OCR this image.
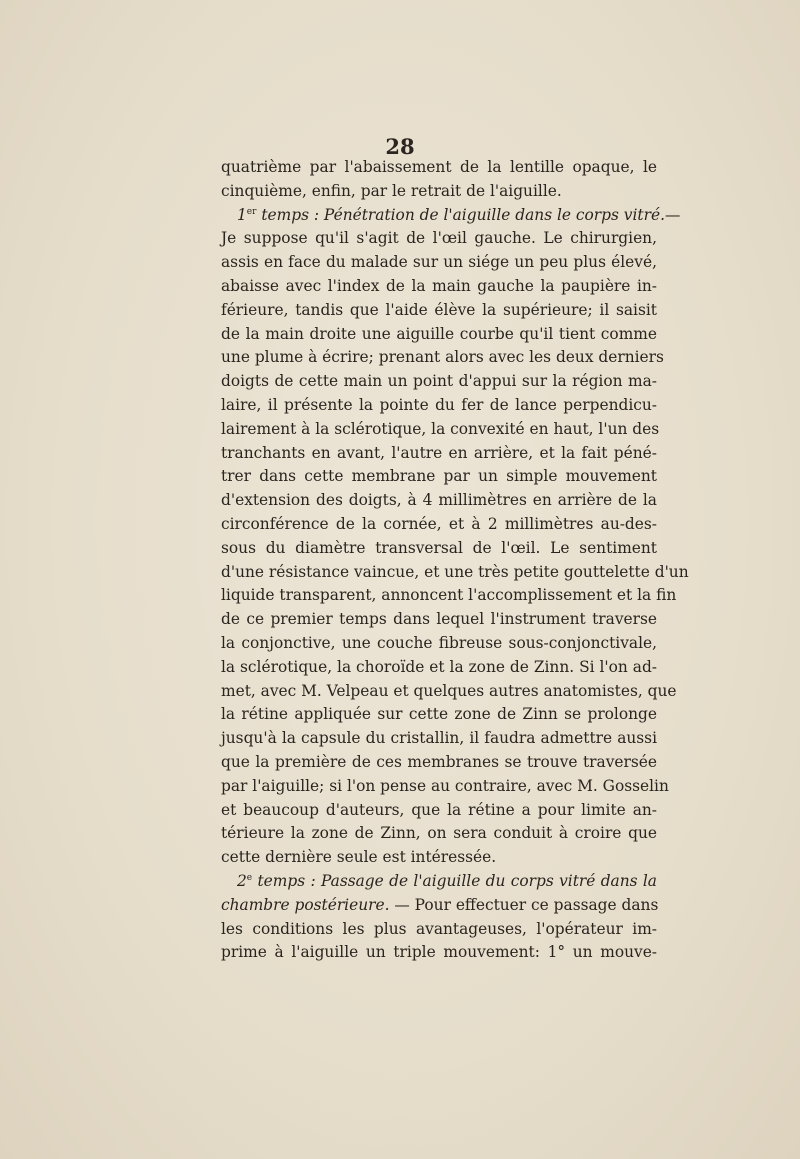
28
quatrième par l'abaissement de la lentille opaque, le
cinquième, enfin, par le retrait de l'aiguille.
1er temps : Pénétration de l'aiguille dans le corps vitré.—
Je suppose qu'il s'agit de l'œil gauche. Le chirurgien,
assis en face du malade sur un siége un peu plus élevé,
abaisse avec l'index de la main gauche la paupière in-
férieure, tandis que l'aide élève la supérieure; il saisit
de la main droite une aiguille courbe qu'il tient comme
une plume à écrire; prenant alors avec les deux derniers
doigts de cette main un point d'appui sur la région ma-
laire, il présente la pointe du fer de lance perpendicu-
lairement à la sclérotique, la convexité en haut, l'un des
tranchants en avant, l'autre en arrière, et la fait péné-
trer dans cette membrane par un simple mouvement
d'extension des doigts, à 4 millimètres en arrière de la
circonférence de la cornée, et à 2 millimètres au-des-
sous du diamètre transversal de l'œil. Le sentiment
d'une résistance vaincue, et une très petite gouttelette d'un
liquide transparent, annoncent l'accomplissement et la fin
de ce premier temps dans lequel l'instrument traverse
la conjonctive, une couche fibreuse sous-conjonctivale,
la sclérotique, la choroïde et la zone de Zinn. Si l'on ad-
met, avec M. Velpeau et quelques autres anatomistes, que
la rétine appliquée sur cette zone de Zinn se prolonge
jusqu'à la capsule du cristallin, il faudra admettre aussi
que la première de ces membranes se trouve traversée
par l'aiguille; si l'on pense au contraire, avec M. Gosselin
et beaucoup d'auteurs, que la rétine a pour limite an-
térieure la zone de Zinn, on sera conduit à croire que
cette dernière seule est intéressée.
2e temps : Passage de l'aiguille du corps vitré dans la
chambre postérieure. — Pour effectuer ce passage dans
les conditions les plus avantageuses, l'opérateur im-
prime à l'aiguille un triple mouvement: 1° un mouve-
